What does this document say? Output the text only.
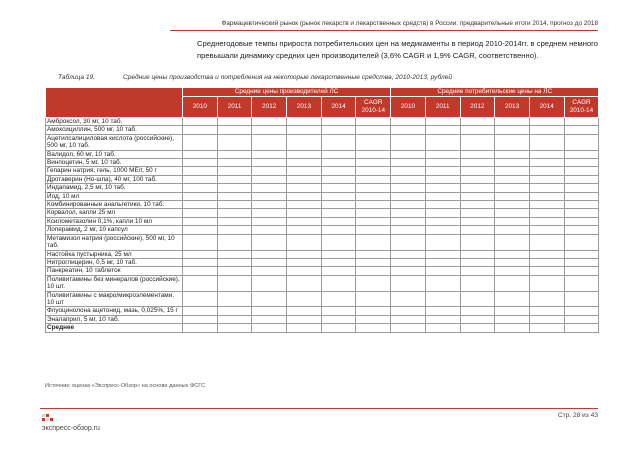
Фармацевтический рынок (рынок лекарств и лекарственных средств) в России: предварительные итоги 2014, прогноз до 2018
Среднегодовые темпы прироста потребительских цен на медикаменты в период 2010-2014гг. в среднем немного превышали динамику средних цен производителей (3,6% CAGR и 1,9% CAGR, соответственно).
Таблица 19.	Средние цены производства и потребления на некоторые лекарственные средства, 2010-2013, рублей
	Средние цены производителей ЛС						Средние потребительские цены на ЛС					
	2010	2011	2012	2013	2014	CAGR 2010-14	2010	2011	2012	2013	2014	CAGR 2010-14
Амброксол, 30 мг, 10 таб.												
Амоксициллин, 500 мг, 10 таб.												
Ацетилсалициловая кислота (российские), 500 мг, 10 таб.												
Валидол, 60 мг, 10 таб.												
Винпоцетин, 5 мг, 10 таб.												
Гепарин натрия, гель, 1000 МЕ/г, 50 г												
Дротаверин (Но-шпа), 40 мг, 100 таб.												
Индапамид, 2,5 мг, 10 таб.												
Йод, 10 мл												
Комбинированные анальгетики, 10 таб.												
Корвалол, капли 25 мл												
Ксилометазолин 0,1%, капли 10 мл												
Лоперамид, 2 мг, 10 капсул												
Метамизол натрия (российские), 500 мг, 10 таб.												
Настойка пустырника, 25 мл												
Нитроглицерин, 0,5 мг, 10 таб.												
Панкреатин, 10 таблеток												
Поливитамины без минералов (российские), 10 шт.												
Поливитамины с макро/микроэлементами, 10 шт												
Флуоцинолона ацетонид, мазь, 0,025%, 15 г												
Эналаприл, 5 мг, 10 таб.												
Среднее												
Источник: оценка «Экспресс-Обзор» на основе данных ФСГС
экспресс-обзор.ru
Стр. 28 из 43
